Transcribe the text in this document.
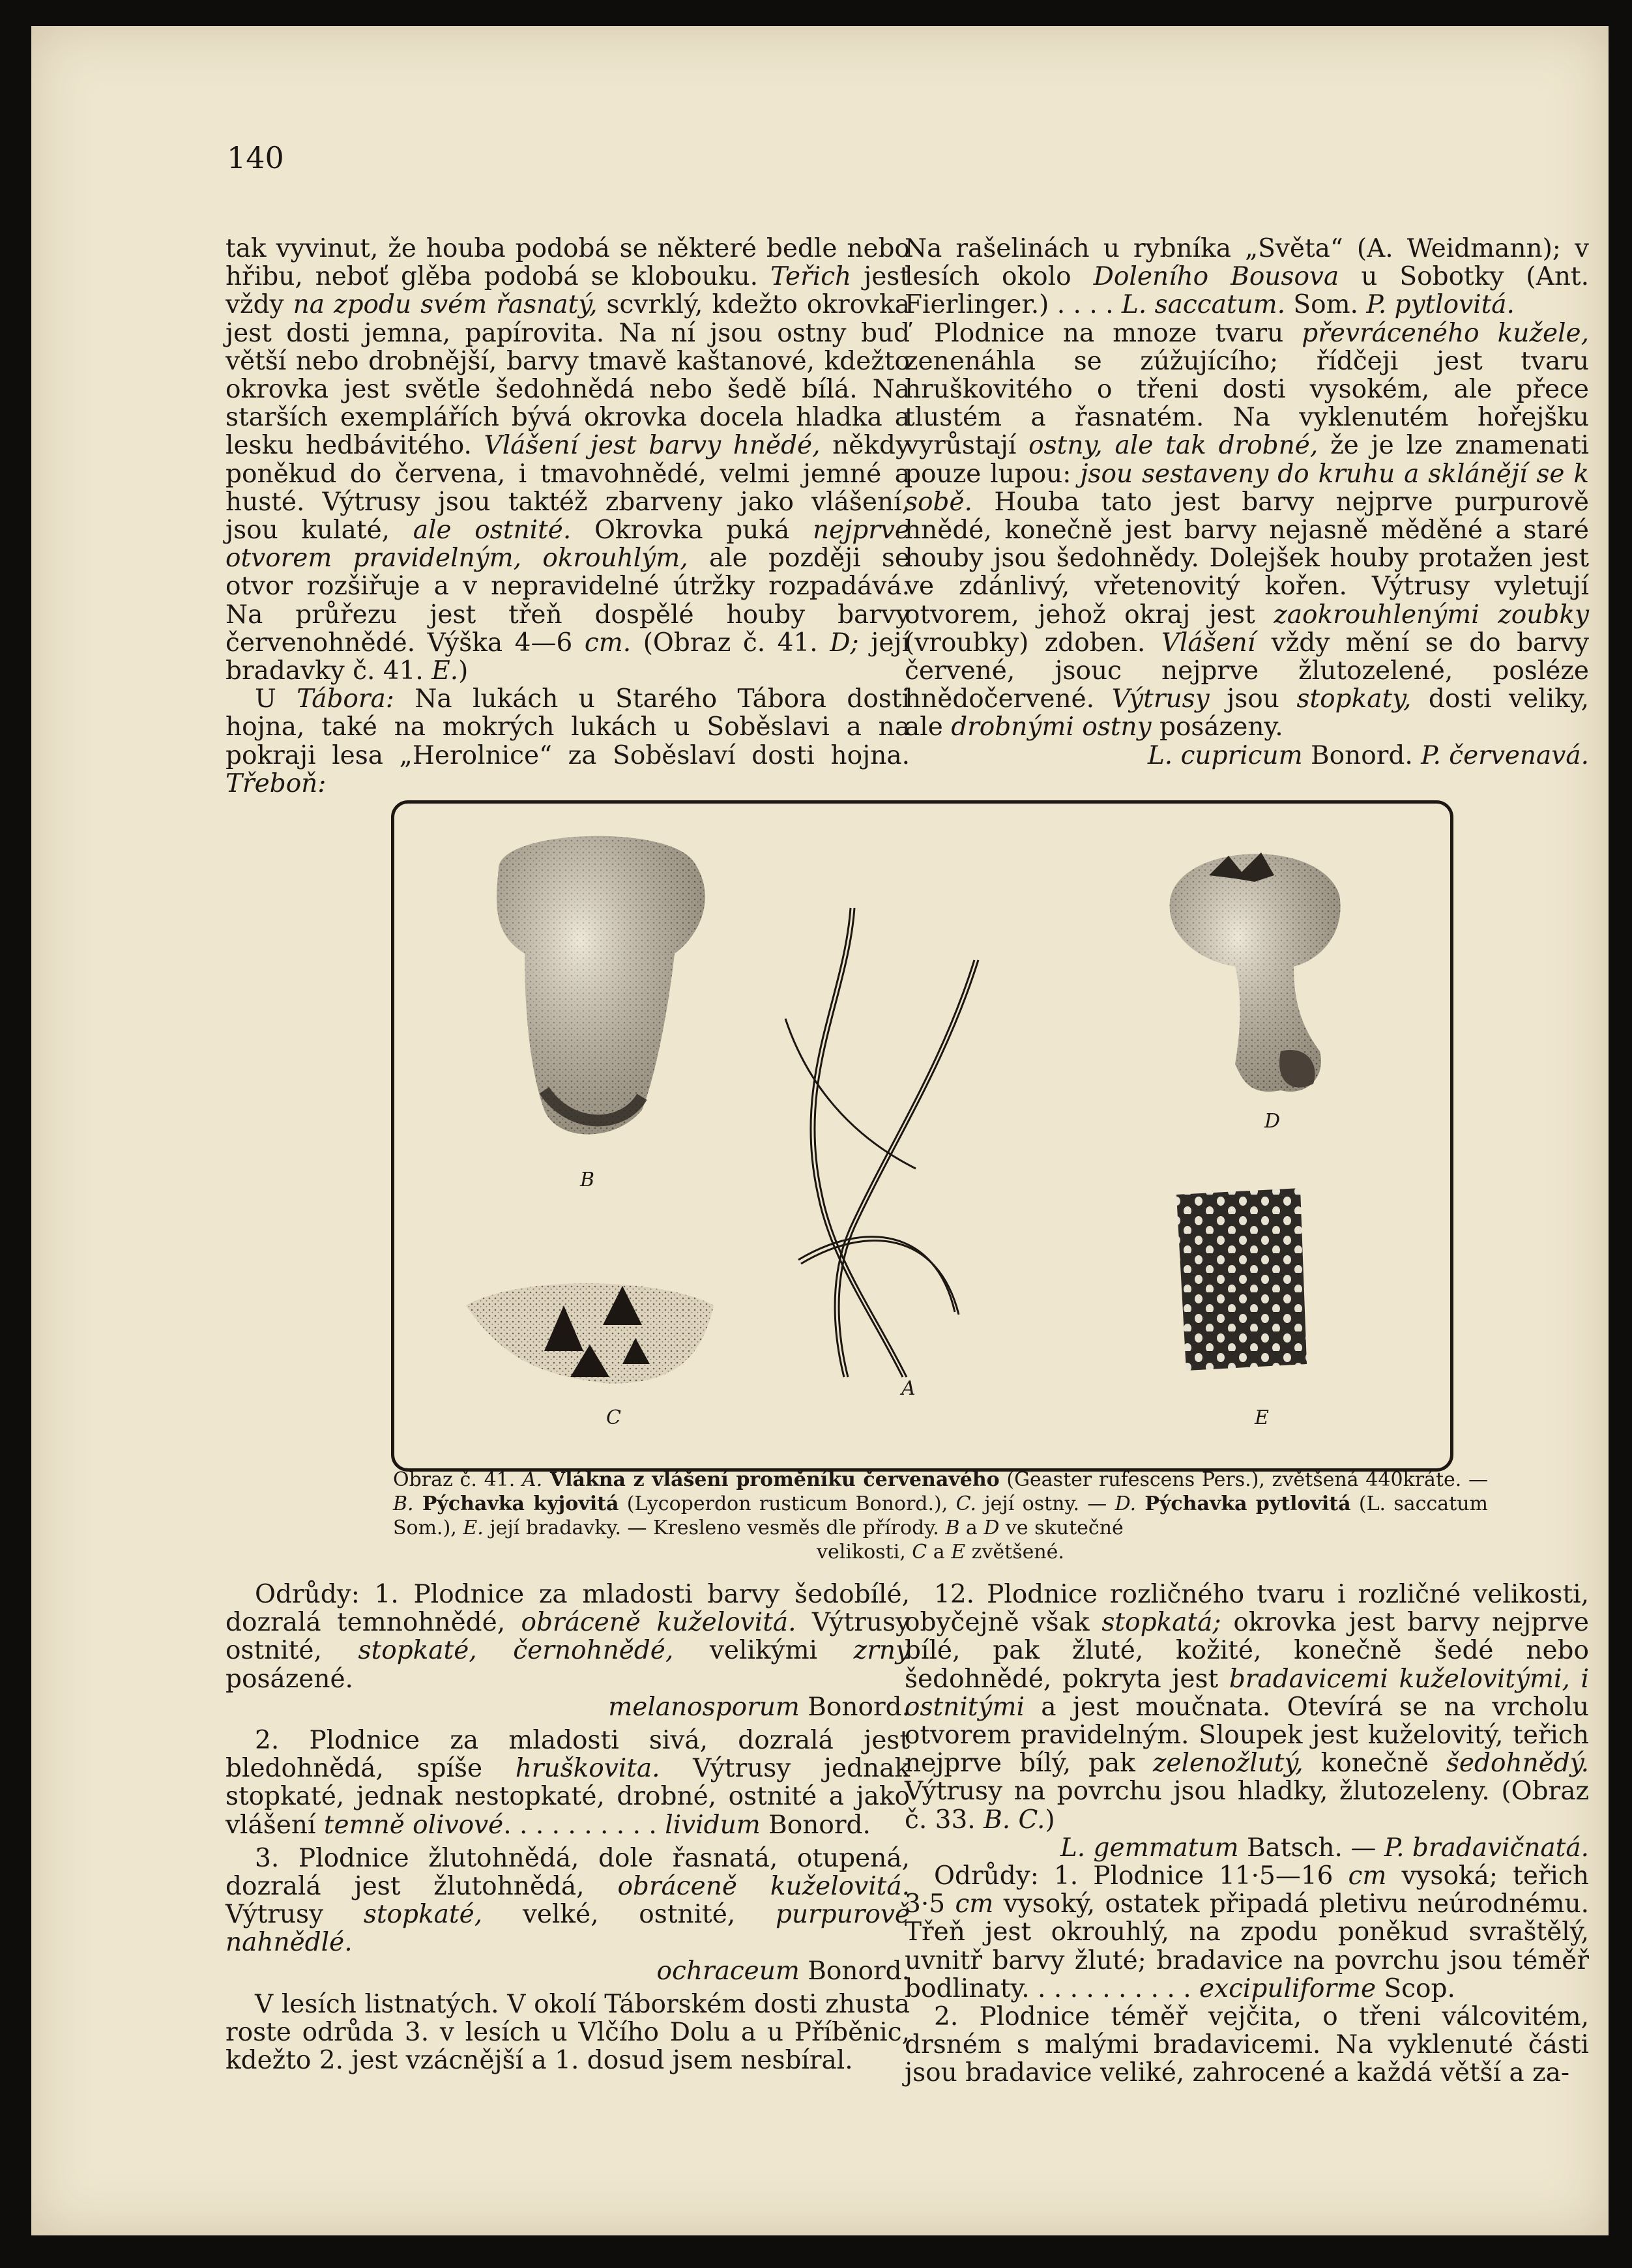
140

tak vyvinut, že houba podobá se některé bedle nebo hřibu, neboť glěba podobá se klobouku. Teřich jest vždy na zpodu svém řasnatý, scvrklý, kdežto okrovka jest dosti jemna, papírovita. Na ní jsou ostny buď větší nebo drobnější, barvy tmavě kaštanové, kdežto okrovka jest světle šedohnědá nebo šedě bílá. Na starších exemplářích bývá okrovka docela hladka a lesku hedbávitého. Vlášení jest barvy hnědé, někdy poněkud do červena, i tmavohnědé, velmi jemné a husté. Výtrusy jsou taktéž zbarveny jako vlášení, jsou kulaté, ale ostnité. Okrovka puká nejprve otvorem pravidelným, okrouhlým, ale později se otvor rozšiřuje a v nepravidelné útržky rozpadává. Na průřezu jest třeň dospělé houby barvy červenohnědé. Výška 4—6 cm. (Obraz č. 41. D; její bradavky č. 41. E.)

U Tábora: Na lukách u Starého Tábora dosti hojna, také na mokrých lukách u Soběslavi a na pokraji lesa „Herolnice“ za Soběslaví dosti hojna. Třeboň:

Na rašelinách u rybníka „Světa“ (A. Weidmann); v lesích okolo Doleního Bousova u Sobotky (Ant. Fierlinger.) . . . . L. saccatum. Som. P. pytlovitá.

Plodnice na mnoze tvaru převráceného kužele, zenenáhla se zúžujícího; řídčeji jest tvaru hruškovitého o třeni dosti vysokém, ale přece tlustém a řasnatém. Na vyklenutém hořejšku vyrůstají ostny, ale tak drobné, že je lze znamenati pouze lupou: jsou sestaveny do kruhu a sklánějí se k sobě. Houba tato jest barvy nejprve purpurově hnědé, konečně jest barvy nejasně měděné a staré houby jsou šedohnědy. Dolejšek houby protažen jest ve zdánlivý, vřetenovitý kořen. Výtrusy vyletují otvorem, jehož okraj jest zaokrouhlenými zoubky (vroubky) zdoben. Vlášení vždy mění se do barvy červené, jsouc nejprve žlutozelené, posléze hnědočervené. Výtrusy jsou stopkaty, dosti veliky, ale drobnými ostny posázeny.

L. cupricum Bonord. P. červenavá.

B
D
A
C	E
Obraz č. 41. A. Vlákna z vlášení proměníku červenavého (Geaster rufescens Pers.), zvětšená 440kráte. — B. Pýchavka kyjovitá (Lycoperdon rusticum Bonord.), C. její ostny. — D. Pýchavka pytlovitá (L. saccatum Som.), E. její bradavky. — Kresleno vesměs dle přírody. B a D ve skutečné
velikosti, C a E zvětšené.

Odrůdy: 1. Plodnice za mladosti barvy šedobílé, dozralá temnohnědé, obráceně kuželovitá. Výtrusy ostnité, stopkaté, černohnědé, velikými zrny posázené.

melanosporum Bonord.

2. Plodnice za mladosti sivá, dozralá jest bledohnědá, spíše hruškovita. Výtrusy jednak stopkaté, jednak nestopkaté, drobné, ostnité a jako vlášení temně olivové. . . . . . . . . . lividum Bonord.

3. Plodnice žlutohnědá, dole řasnatá, otupená, dozralá jest žlutohnědá, obráceně kuželovitá. Výtrusy stopkaté, velké, ostnité, purpurově nahnědlé.

ochraceum Bonord.

V lesích listnatých. V okolí Táborském dosti zhusta roste odrůda 3. v lesích u Vlčího Dolu a u Příběnic, kdežto 2. jest vzácnější a 1. dosud jsem nesbíral.

12. Plodnice rozličného tvaru i rozličné velikosti, obyčejně však stopkatá; okrovka jest barvy nejprve bílé, pak žluté, kožité, konečně šedé nebo šedohnědé, pokryta jest bradavicemi kuželovitými, i ostnitými a jest moučnata. Otevírá se na vrcholu otvorem pravidelným. Sloupek jest kuželovitý, teřich nejprve bílý, pak zelenožlutý, konečně šedohnědý. Výtrusy na povrchu jsou hladky, žlutozeleny. (Obraz č. 33. B. C.)

L. gemmatum Batsch. — P. bradavičnatá.

Odrůdy: 1. Plodnice 11·5—16 cm vysoká; teřich 3·5 cm vysoký, ostatek připadá pletivu neúrodnému. Třeň jest okrouhlý, na zpodu poněkud svraštělý, uvnitř barvy žluté; bradavice na povrchu jsou téměř bodlinaty. . . . . . . . . . . excipuliforme Scop.

2. Plodnice téměř vejčita, o třeni válcovitém, drsném s malými bradavicemi. Na vyklenuté části jsou bradavice veliké, zahrocené a každá větší a za-
